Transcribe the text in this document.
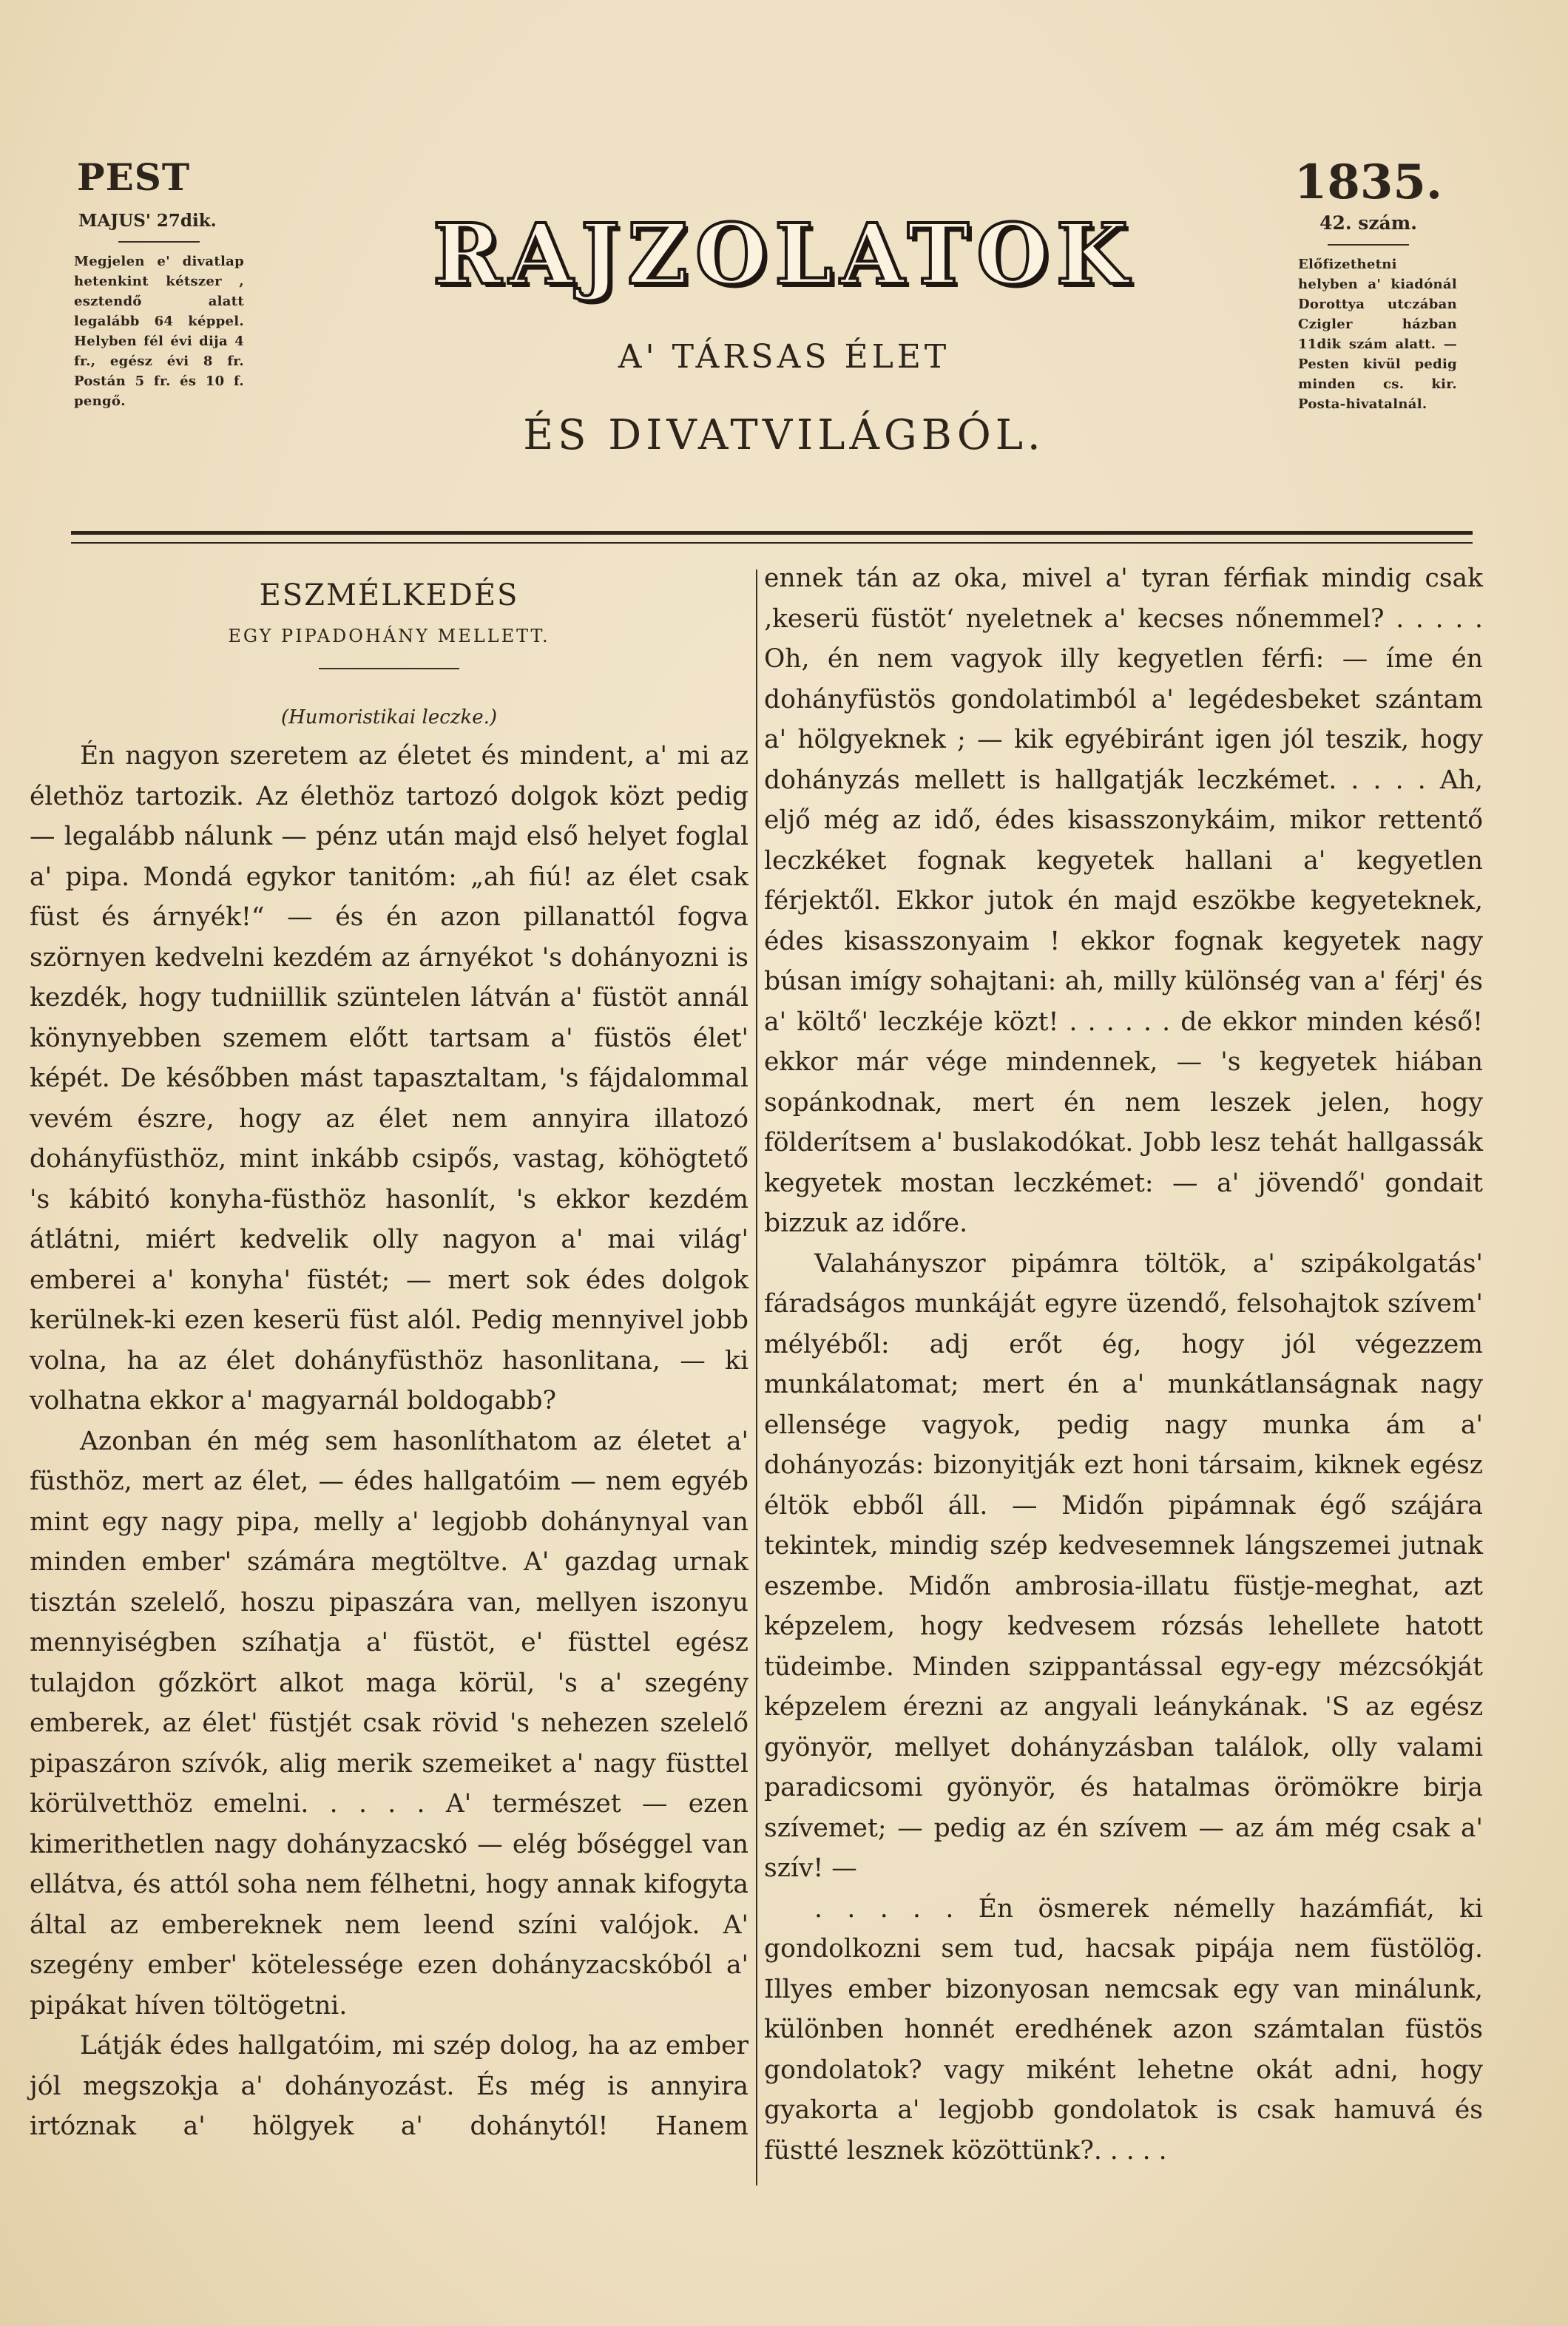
PEST
MAJUS' 27dik.
Megjelen e' divatlap hetenkint kétszer , esztendő alatt legalább 64 képpel. Helyben fél évi dija 4 fr., egész évi 8 fr. Postán 5 fr. és 10 f. pengő.
RAJZOLATOK
A' TÁRSAS ÉLET
ÉS DIVATVILÁGBÓL.
1835.
42. szám.
Előfizethetni helyben a' kiadónál Dorottya utczában Czigler házban 11dik szám alatt. — Pesten kivül pedig minden cs. kir. Posta-hivatalnál.
ESZMÉLKEDÉS
EGY PIPADOHÁNY MELLETT.
(Humoristikai leczke.)

Én nagyon szeretem az életet és mindent, a' mi az élethöz tartozik. Az élethöz tartozó dolgok közt pedig — legalább nálunk — pénz után majd első helyet foglal a' pipa. Mondá egykor tanitóm: „ah fiú! az élet csak füst és árnyék!“ — és én azon pillanattól fogva szörnyen kedvelni kezdém az árnyékot 's dohányozni is kezdék, hogy tudniillik szüntelen látván a' füstöt annál könynyebben szemem előtt tartsam a' füstös élet' képét. De későbben mást tapasztaltam, 's fájdalommal vevém észre, hogy az élet nem annyira illatozó dohányfüsthöz, mint inkább csipős, vastag, köhögtető 's kábitó konyha-füsthöz hasonlít, 's ekkor kezdém átlátni, miért kedvelik olly nagyon a' mai világ' emberei a' konyha' füstét; — mert sok édes dolgok kerülnek-ki ezen keserü füst alól. Pedig mennyivel jobb volna, ha az élet dohányfüsthöz hasonlitana, — ki volhatna ekkor a' magyarnál boldogabb?

Azonban én még sem hasonlíthatom az életet a' füsthöz, mert az élet, — édes hallgatóim — nem egyéb mint egy nagy pipa, melly a' legjobb dohánynyal van minden ember' számára megtöltve. A' gazdag urnak tisztán szelelő, hoszu pipaszára van, mellyen iszonyu mennyiségben szíhatja a' füstöt, e' füsttel egész tulajdon gőzkört alkot maga körül, 's a' szegény emberek, az élet' füstjét csak rövid 's nehezen szelelő pipaszáron szívók, alig merik szemeiket a' nagy füsttel körülvetthöz emelni. . . . . A' természet — ezen kimerithetlen nagy dohányzacskó — elég bőséggel van ellátva, és attól soha nem félhetni, hogy annak kifogyta által az embereknek nem leend színi valójok. A' szegény ember' kötelessége ezen dohányzacskóból a' pipákat híven töltögetni.

Látják édes hallgatóim, mi szép dolog, ha az ember jól megszokja a' dohányozást. És még is annyira irtóznak a' hölgyek a' dohánytól! Hanem

ennek tán az oka, mivel a' tyran férfiak mindig csak ‚keserü füstöt‘ nyeletnek a' kecses nőnemmel? . . . . . Oh, én nem vagyok illy kegyetlen férfi: — íme én dohányfüstös gondolatimból a' legédesbeket szántam a' hölgyeknek ; — kik egyébiránt igen jól teszik, hogy dohányzás mellett is hallgatják leczkémet. . . . . Ah, eljő még az idő, édes kisasszonykáim, mikor rettentő leczkéket fognak kegyetek hallani a' kegyetlen férjektől. Ekkor jutok én majd eszökbe kegyeteknek, édes kisasszonyaim ! ekkor fognak kegyetek nagy búsan imígy sohajtani: ah, milly különség van a' férj' és a' költő' leczkéje közt! . . . . . . de ekkor minden késő! ekkor már vége mindennek, — 's kegyetek hiában sopánkodnak, mert én nem leszek jelen, hogy földerítsem a' buslakodókat. Jobb lesz tehát hallgassák kegyetek mostan leczkémet: — a' jövendő' gondait bizzuk az időre.

Valahányszor pipámra töltök, a' szipákolgatás' fáradságos munkáját egyre üzendő, felsohajtok szívem' mélyéből: adj erőt ég, hogy jól végezzem munkálatomat; mert én a' munkátlanságnak nagy ellensége vagyok, pedig nagy munka ám a' dohányozás: bizonyitják ezt honi társaim, kiknek egész éltök ebből áll. — Midőn pipámnak égő szájára tekintek, mindig szép kedvesemnek lángszemei jutnak eszembe. Midőn ambrosia-illatu füstje-meghat, azt képzelem, hogy kedvesem rózsás lehellete hatott tüdeimbe. Minden szippantással egy-egy mézcsókját képzelem érezni az angyali leánykának. 'S az egész gyönyör, mellyet dohányzásban találok, olly valami paradicsomi gyönyör, és hatalmas örömökre birja szívemet; — pedig az én szívem — az ám még csak a' szív! —

. . . . . Én ösmerek némelly hazámfiát, ki gondolkozni sem tud, hacsak pipája nem füstölög. Illyes ember bizonyosan nemcsak egy van minálunk, különben honnét eredhének azon számtalan füstös gondolatok? vagy miként lehetne okát adni, hogy gyakorta a' legjobb gondolatok is csak hamuvá és füstté lesznek közöttünk?. . . . .
